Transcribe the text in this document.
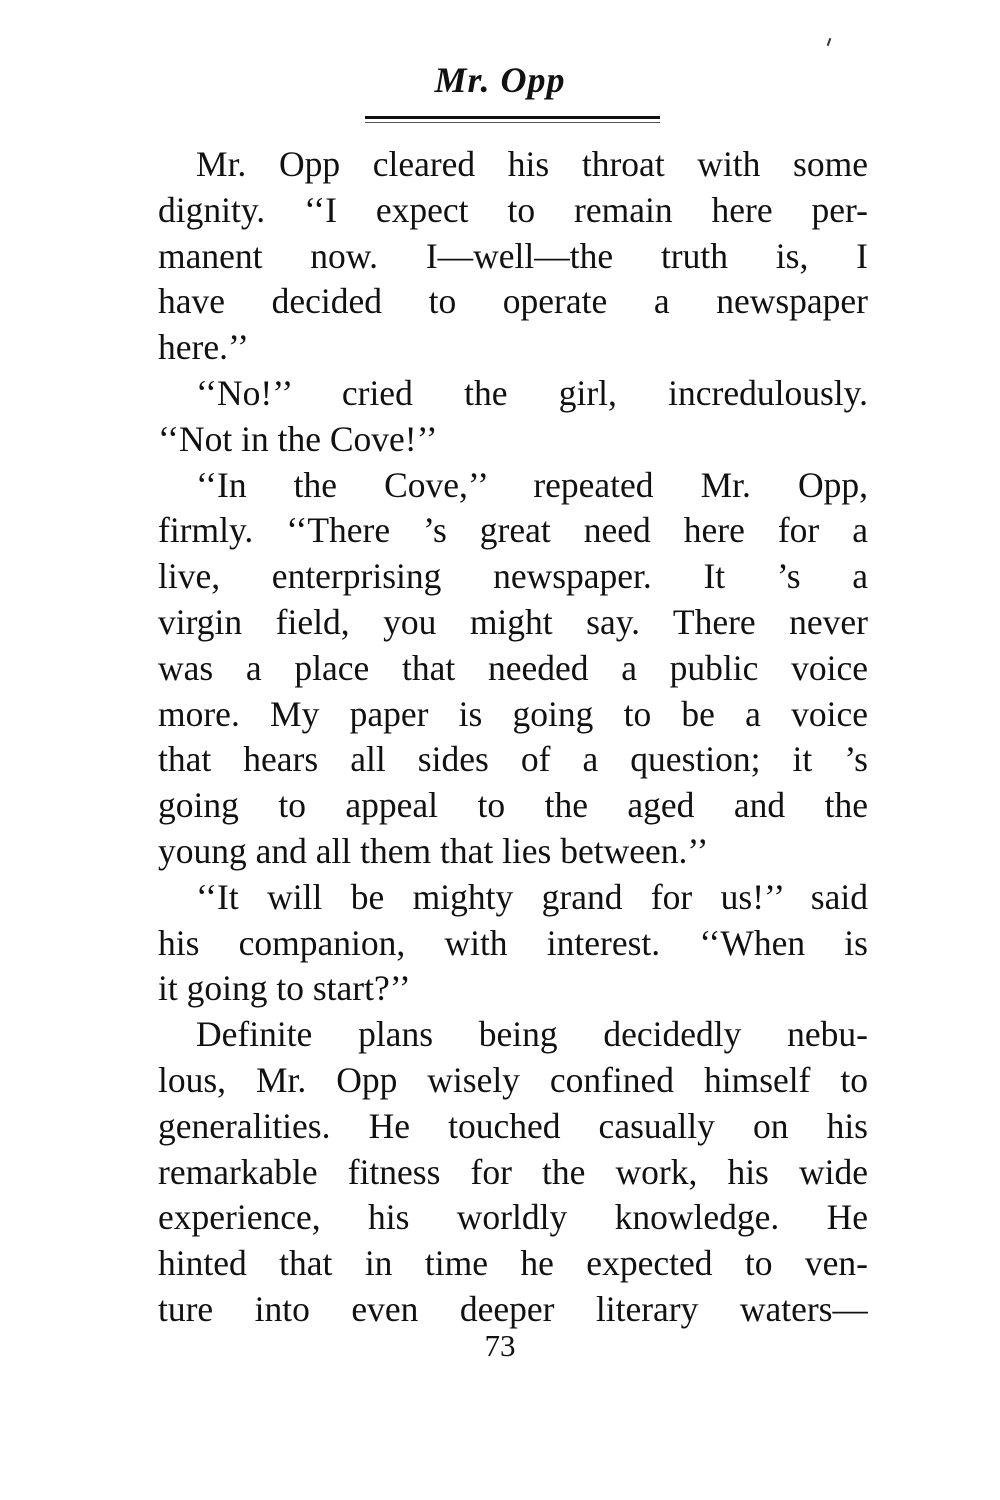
Mr. Opp
Mr. Opp cleared his throat with some
dignity. ‘‘I expect to remain here per-
manent now. I—well—the truth is, I
have decided to operate a newspaper
here.’’
‘‘No!’’ cried the girl, incredulously.
‘‘Not in the Cove!’’
‘‘In the Cove,’’ repeated Mr. Opp,
firmly. ‘‘There ’s great need here for a
live, enterprising newspaper. It ’s a
virgin field, you might say. There never
was a place that needed a public voice
more. My paper is going to be a voice
that hears all sides of a question; it ’s
going to appeal to the aged and the
young and all them that lies between.’’
‘‘It will be mighty grand for us!’’ said
his companion, with interest. ‘‘When is
it going to start?’’
Definite plans being decidedly nebu-
lous, Mr. Opp wisely confined himself to
generalities. He touched casually on his
remarkable fitness for the work, his wide
experience, his worldly knowledge. He
hinted that in time he expected to ven-
ture into even deeper literary waters—

73
